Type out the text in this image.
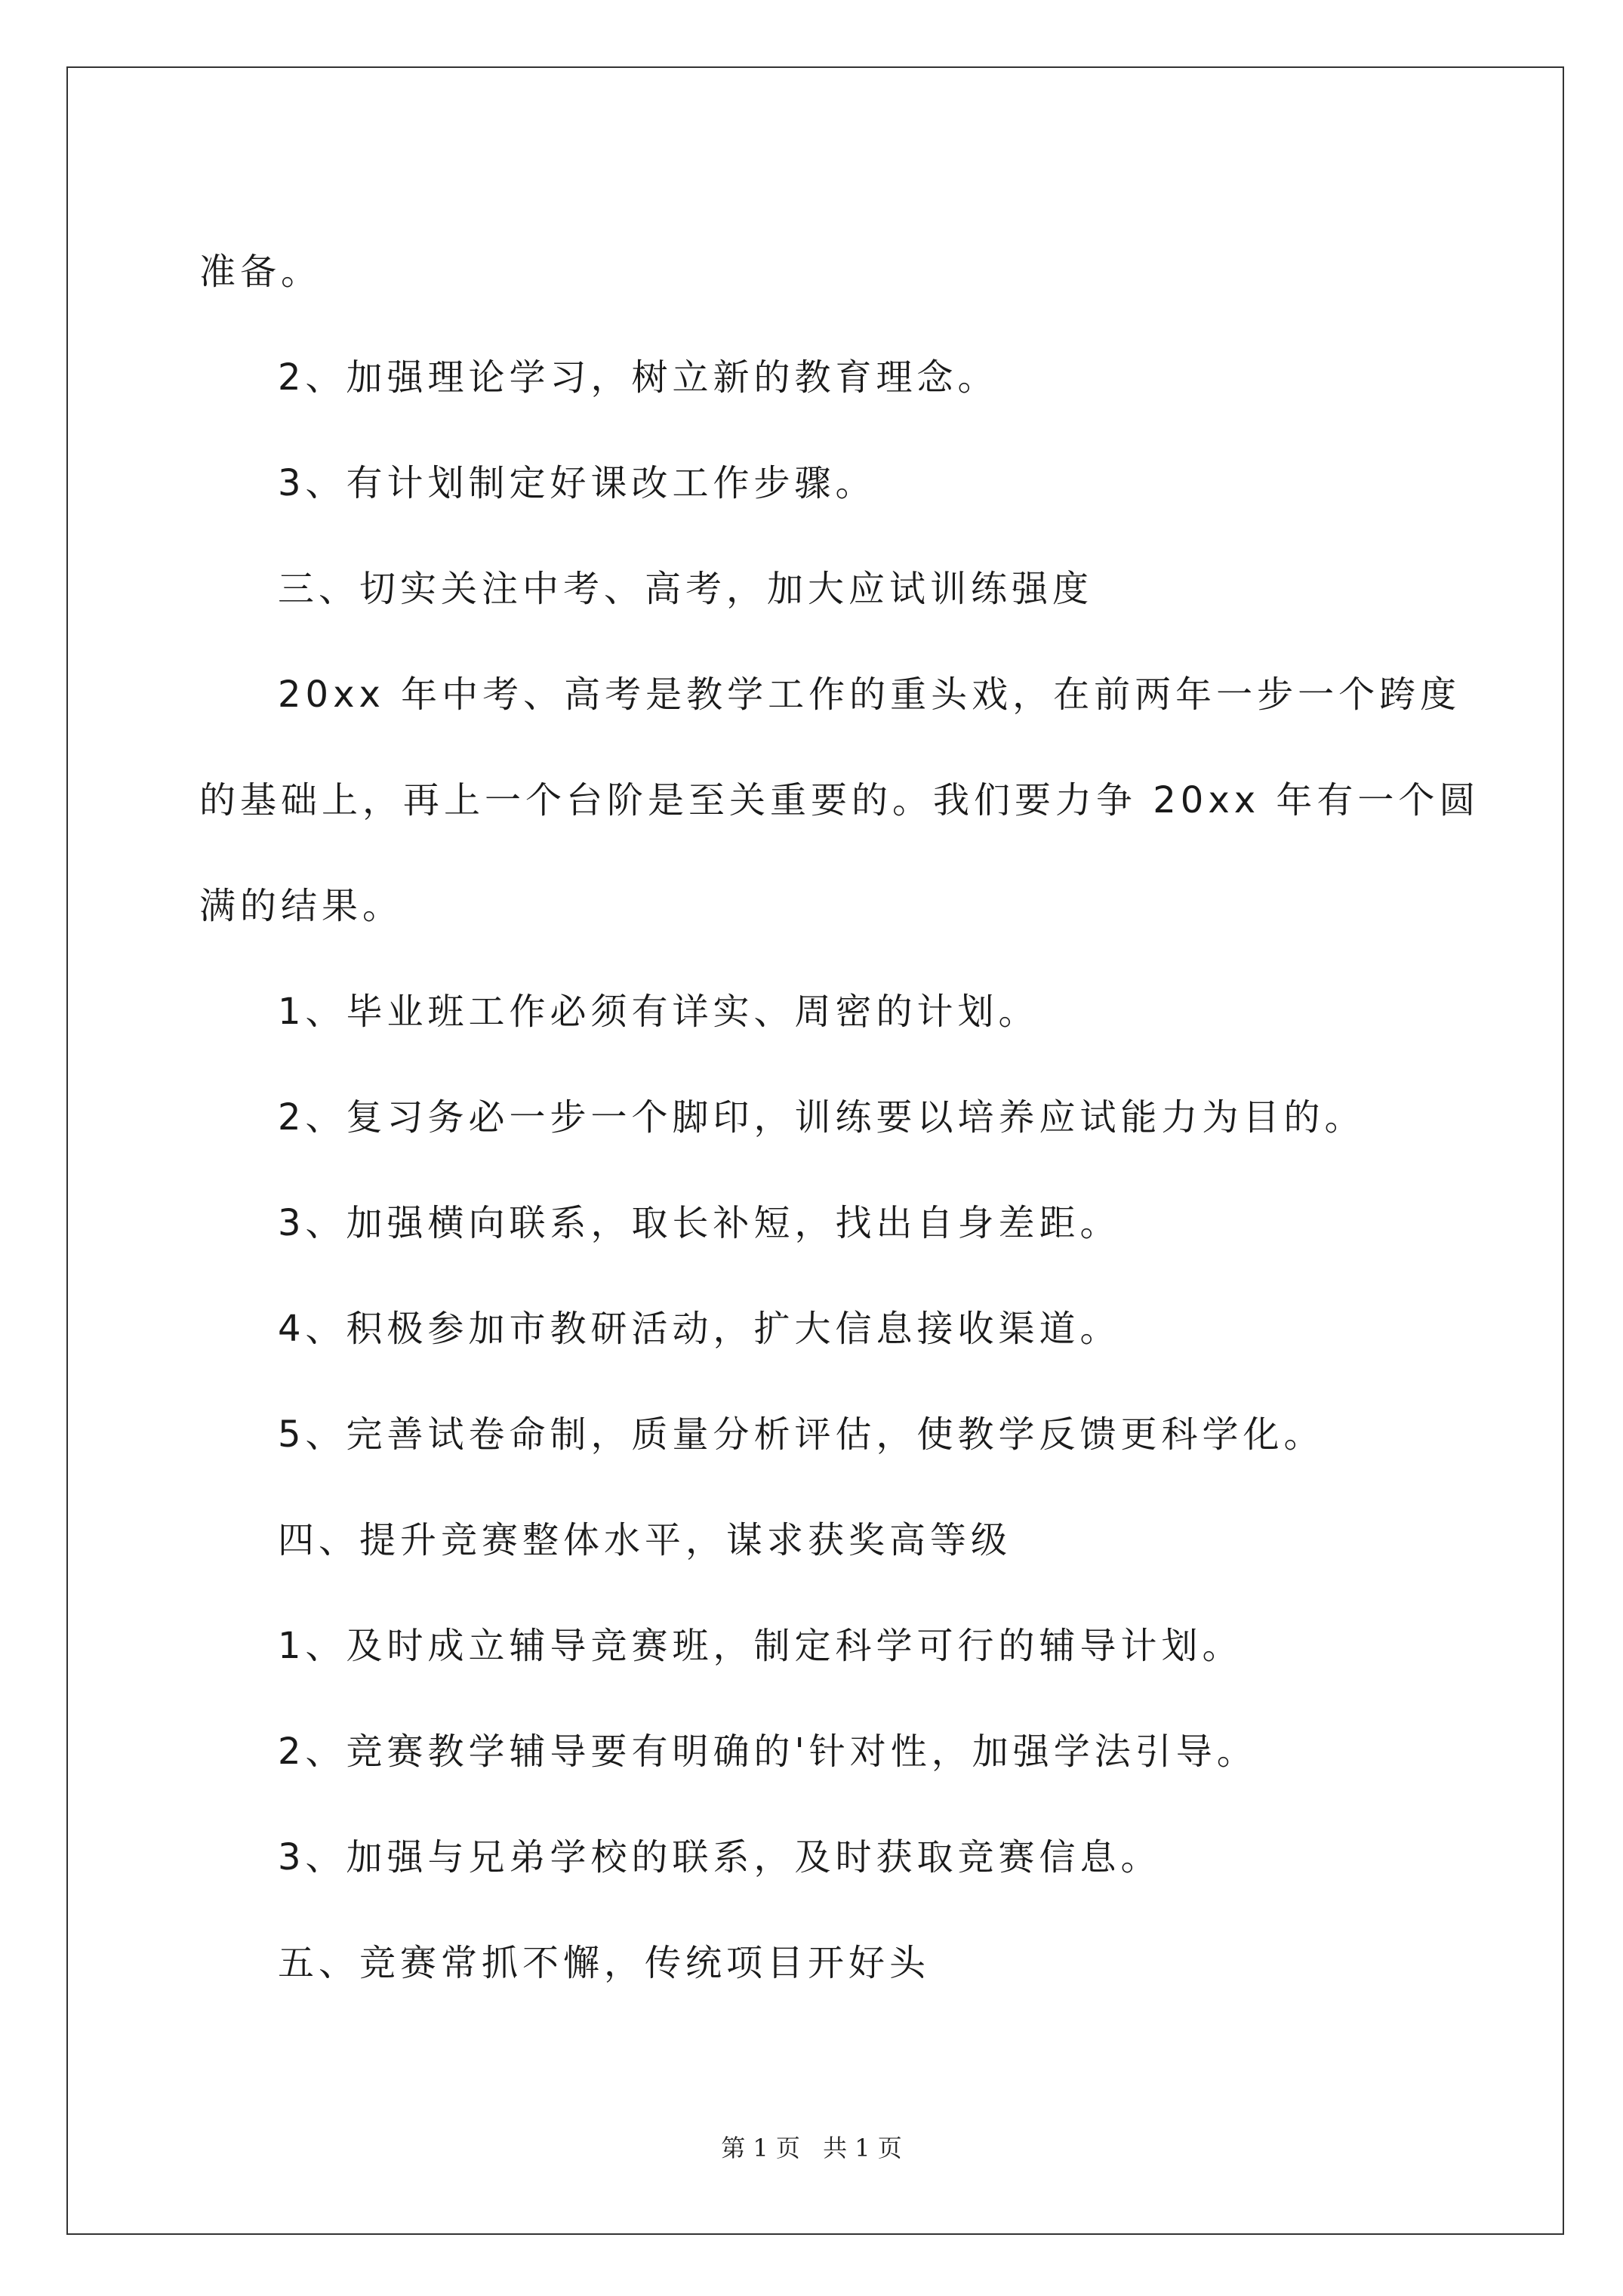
准备。

2、加强理论学习，树立新的教育理念。

3、有计划制定好课改工作步骤。

三、切实关注中考、高考，加大应试训练强度

20xx 年中考、高考是教学工作的重头戏，在前两年一步一个跨度

的基础上，再上一个台阶是至关重要的。我们要力争 20xx 年有一个圆

满的结果。

1、毕业班工作必须有详实、周密的计划。

2、复习务必一步一个脚印，训练要以培养应试能力为目的。

3、加强横向联系，取长补短，找出自身差距。

4、积极参加市教研活动，扩大信息接收渠道。

5、完善试卷命制，质量分析评估，使教学反馈更科学化。

四、提升竞赛整体水平，谋求获奖高等级

1、及时成立辅导竞赛班，制定科学可行的辅导计划。

2、竞赛教学辅导要有明确的'针对性，加强学法引导。

3、加强与兄弟学校的联系，及时获取竞赛信息。

五、竞赛常抓不懈，传统项目开好头

第 1 页 共 1 页
